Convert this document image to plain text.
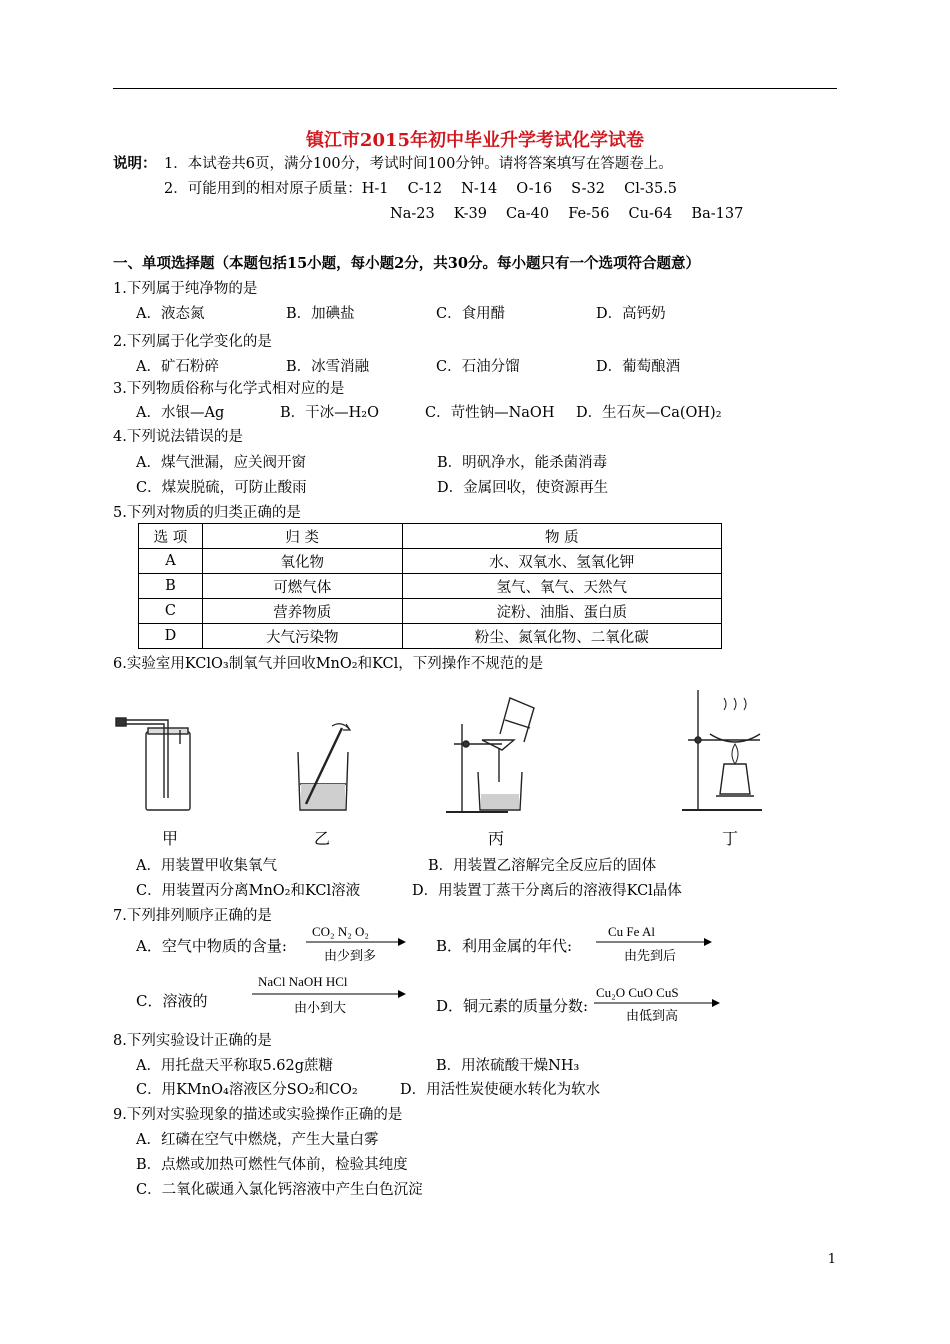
镇江市2015年初中毕业升学考试化学试卷
说明： 1．本试卷共6页，满分100分，考试时间100分钟。请将答案填写在答题卷上。
2．可能用到的相对原子质量：H-1　 C-12　 N-14　 O-16　 S-32　 Cl-35.5
Na-23　 K-39　 Ca-40　 Fe-56　 Cu-64　 Ba-137
一、单项选择题（本题包括15小题，每小题2分，共30分。每小题只有一个选项符合题意）
1.下列属于纯净物的是
A．液态氮	B．加碘盐	C．食用醋	D．高钙奶
2.下列属于化学变化的是
A．矿石粉碎	B．冰雪消融	C．石油分馏	D．葡萄酿酒
3.下列物质俗称与化学式相对应的是
A．水银—Ag	B．干冰—H₂O	C．苛性钠—NaOH D．生石灰—Ca(OH)₂
4.下列说法错误的是
A．煤气泄漏，应关阀开窗	B．明矾净水，能杀菌消毒
C．煤炭脱硫，可防止酸雨	D．金属回收，使资源再生
5.下列对物质的归类正确的是
选 项	归 类	物 质
A	氧化物	水、双氧水、氢氧化钾
B	可燃气体	氢气、氧气、天然气
C	营养物质	淀粉、油脂、蛋白质
D	大气污染物	粉尘、氮氧化物、二氧化碳
6.实验室用KClO₃制氧气并回收MnO₂和KCl，下列操作不规范的是
甲	乙	丙	丁
A．用装置甲收集氧气	B．用装置乙溶解完全反应后的固体
C．用装置丙分离MnO₂和KCl溶液	D．用装置丁蒸干分离后的溶液得KCl晶体
7.下列排列顺序正确的是
A．空气中物质的含量:
CO₂ N₂ O₂
由少到多
B．利用金属的年代:
Cu Fe Al
由先到后
C．溶液的
NaCl NaOH HCl
由小到大	D．铜元素的质量分数:
Cu₂O CuO CuS
由低到高
8.下列实验设计正确的是
A．用托盘天平称取5.62g蔗糖	B．用浓硫酸干燥NH₃
C．用KMnO₄溶液区分SO₂和CO₂	D．用活性炭使硬水转化为软水
9.下列对实验现象的描述或实验操作正确的是
A．红磷在空气中燃烧，产生大量白雾
B．点燃或加热可燃性气体前，检验其纯度
C．二氧化碳通入氯化钙溶液中产生白色沉淀
1
